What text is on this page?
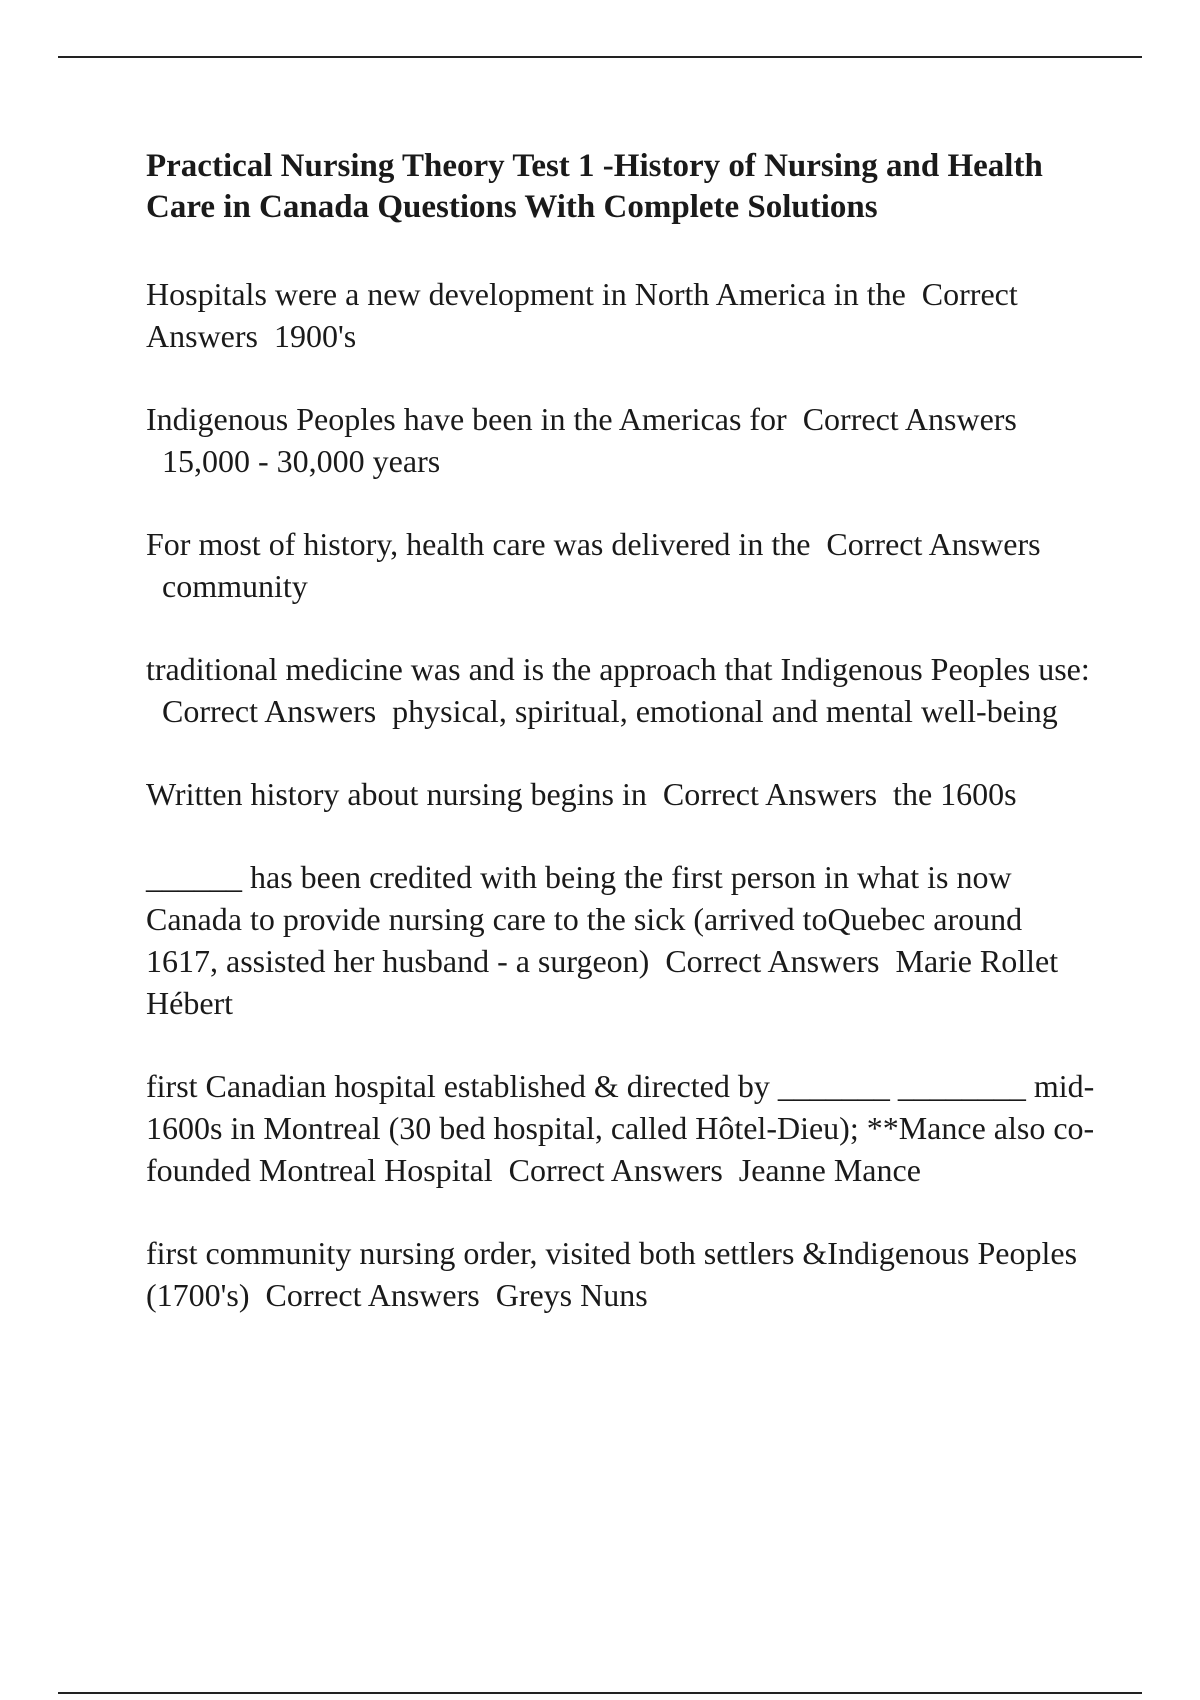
Practical Nursing Theory Test 1 -History of Nursing and Health Care in Canada Questions With Complete Solutions

Hospitals were a new development in North America in the Correct Answers 1900's

Indigenous Peoples have been in the Americas for Correct Answers  15,000 - 30,000 years

For most of history, health care was delivered in the Correct Answers  community

traditional medicine was and is the approach that Indigenous Peoples use:  Correct Answers physical, spiritual, emotional and mental well-being

Written history about nursing begins in Correct Answers the 1600s

______ has been credited with being the first person in what is now Canada to provide nursing care to the sick (arrived toQuebec around 1617, assisted her husband - a surgeon) Correct Answers Marie Rollet Hébert

first Canadian hospital established & directed by _______ ________ mid-1600s in Montreal (30 bed hospital, called Hôtel-Dieu); **Mance also co-founded Montreal Hospital Correct Answers Jeanne Mance

first community nursing order, visited both settlers &Indigenous Peoples (1700's) Correct Answers Greys Nuns
